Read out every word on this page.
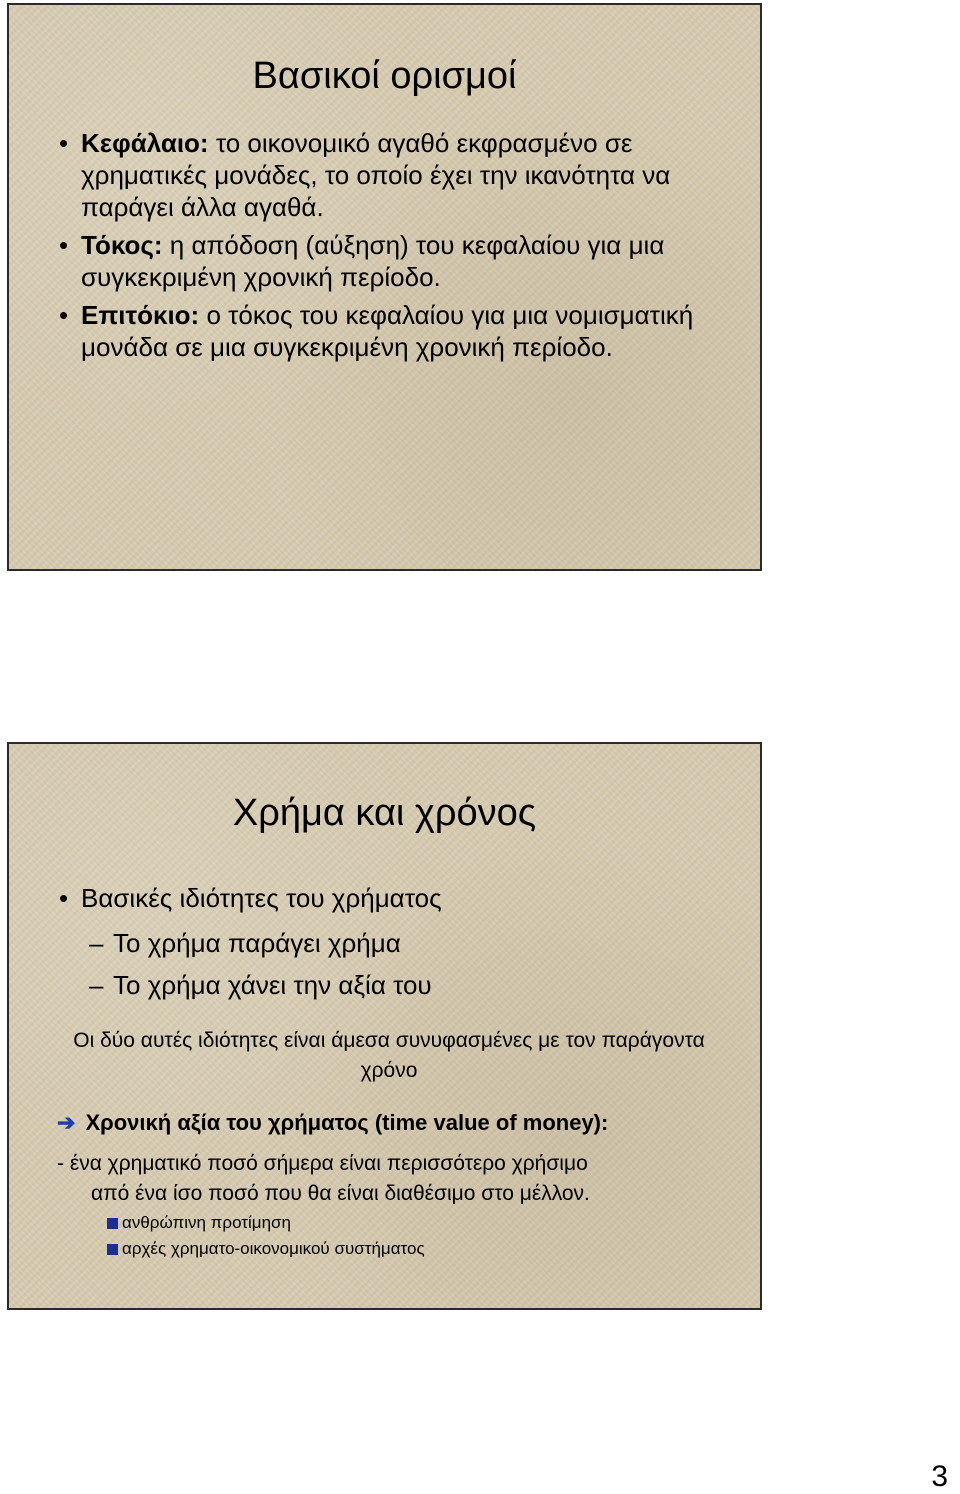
Βασικοί ορισμοί
• Κεφάλαιο: το οικονομικό αγαθό εκφρασμένο σε χρηματικές μονάδες, το οποίο έχει την ικανότητα να παράγει άλλα αγαθά.
• Τόκος: η απόδοση (αύξηση) του κεφαλαίου για μια συγκεκριμένη χρονική περίοδο.
• Επιτόκιο: ο τόκος του κεφαλαίου για μια νομισματική μονάδα σε μια συγκεκριμένη χρονική περίοδο.
Χρήμα και χρόνος
• Βασικές ιδιότητες του χρήματος
– Το χρήμα παράγει χρήμα
– Το χρήμα χάνει την αξία του
Οι δύο αυτές ιδιότητες είναι άμεσα συνυφασμένες με τον παράγοντα χρόνο
➔ Χρονική αξία του χρήματος (time value of money):
- ένα χρηματικό ποσό σήμερα είναι περισσότερο χρήσιμο
από ένα ίσο ποσό που θα είναι διαθέσιμο στο μέλλον.
ανθρώπινη προτίμηση
αρχές χρηματο-οικονομικού συστήματος
3
